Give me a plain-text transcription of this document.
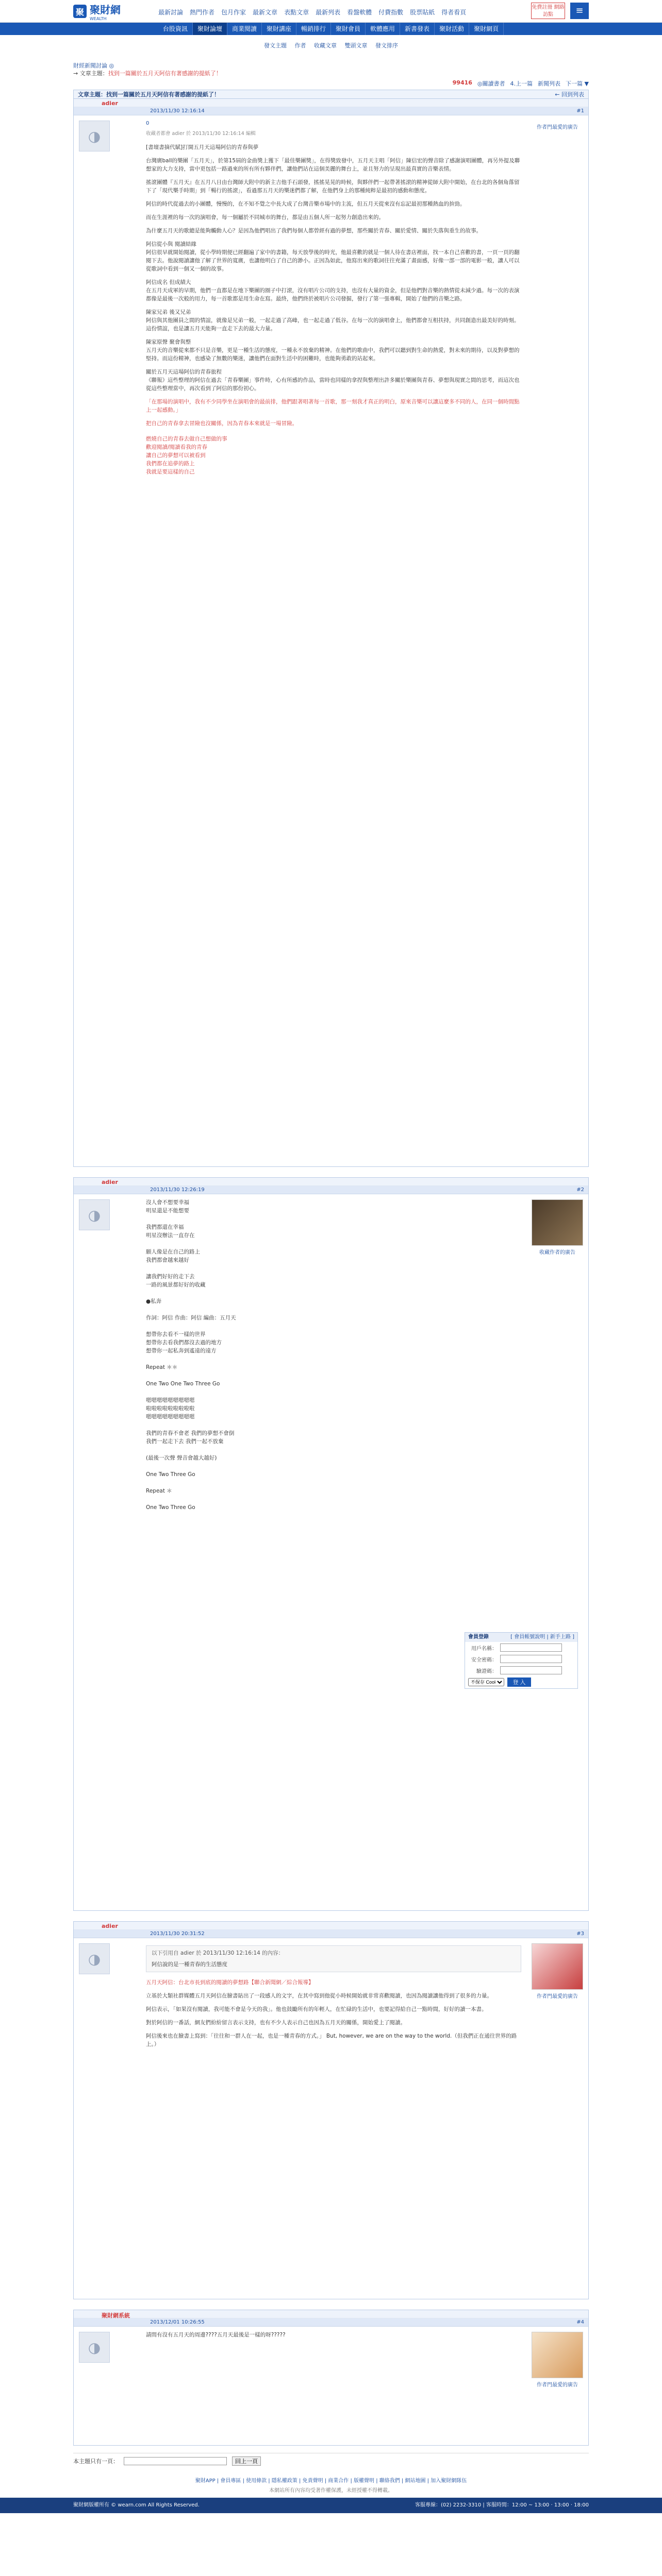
聚 聚財網
WEALTH
最新討論 熱門作者 包月作家 最新文章 表點文章 最新列表 看盤軟體 付費指數 股票貼紙 得者看頁
免費註冊 網路訪點	≡
台股資訊	聚財論壇	商業閱讀	聚財講座	暢銷排行	聚財會員	軟體應用	新書發表	聚財活動	聚財網頁
發文主題 作者 收藏文章 雙頭文章 發文排序
財經新聞討論 ◎
→ 文章主題：找到一篇關於五月天阿信有著感謝的提紙了！
99416 ◎關讀書者 4.上一篇 新聞列表 下一篇 ▼
文章主題：找到一篇關於五月天阿信有著感謝的提紙了！	← 回到列表
adier
2013/11/30 12:16:14	#1
◑
0
收藏者都會 adier 於 2013/11/30 12:16:14 編輯

[書壇書摘代賦]打開五月天這場阿信的青春與夢

台灣廣ball的樂團「五月天」，於第15屆的金曲獎上獲下「最佳樂團獎」，在得獎致發中，五月天主唱「阿信」陳信宏的聲音除了感謝演唱團體，再另外提及聯想家的大力支持，當中更包括一路過來的所有所有夥伴們，讓他們站在這個美麗的舞台上，並且努力的呈現出最真實的音樂表情。

搖滾團體『五月天』在五月八日由台灣師大附中的新主吉他手石頭發，搖搖晃晃的時候，與夥伴們一起帶著搖滾的精神從師大附中開始，在台北的各個角落留下了「現代樂手時期」到「暢行的搖滾」，看過那五月天的樂迷們都了解，在他們身上的那種純粹是最初的感動和態度。

阿信的時代從過去的小團體，慢慢的，在不知不覺之中長大成了台灣音樂市場中的主流，但五月天從來沒有忘記最初那種熱血的拚勁。

而在生涯裡的每一次的演唱會，每一個屬於不同城市的舞台，都是由五個人所一起努力創造出來的。

為什麼五月天的歌總是能夠觸動人心？是因為他們唱出了我們每個人都曾經有過的夢想，那些關於青春、關於愛情、關於失落與重生的故事。

阿信從小與 閱讀結緣

阿信很早就開始閱讀，從小學時期便已經翻遍了家中的書籍，每天放學後的時光，他最喜歡的就是一個人待在書店裡面，找一本自己喜歡的書，一頁一頁的翻閱下去。他說閱讀讓他了解了世界的寬廣，也讓他明白了自己的渺小。正因為如此，他寫出來的歌詞往往充滿了畫面感，好像一部一部的電影一般，讓人可以從歌詞中看到一個又一個的故事。

阿信成名 但成績大

在五月天成軍的早期，他們一直都是在地下樂團的圈子中打滾，沒有唱片公司的支持，也沒有大量的資金，但是他們對音樂的熱情從未減少過。每一次的表演都像是最後一次般的用力，每一首歌都是用生命在寫。最終，他們終於被唱片公司發掘，發行了第一張專輯，開始了他們的音樂之路。

陳家兄弟 後又兄弟

阿信與其他團員之間的情誼，就像是兄弟一般，一起走過了高峰，也一起走過了低谷。在每一次的演唱會上，他們都會互相扶持，共同創造出最美好的時刻。這份情誼，也是讓五月天能夠一直走下去的最大力量。

陳家原聲 聚會與整

五月天的音樂從來都不只是音樂，更是一種生活的態度，一種永不放棄的精神。在他們的歌曲中，我們可以聽到對生命的熱愛，對未來的期待，以及對夢想的堅持。而這份精神，也感染了無數的樂迷，讓他們在面對生活中的困難時，也能夠勇敢的站起來。

關於五月天這場阿信的青春旅程

《聯報》這些整理的阿信在過去「青春樂團」事件時，心有所感的作品，當時也同樣的拿捏與整理出許多關於樂團與青春、夢想與現實之間的思考，而這次也從這些整理當中，再次看到了阿信的那份初心。

「在那場的演唱中，我有不少同學坐在演唱會的最前排，他們跟著唱著每一首歌，那一刻我才真正的明白，原來音樂可以讓這麼多不同的人，在同一個時間點上一起感動。」

把自己的青春拿去冒險也沒關係，因為青春本來就是一場冒險。

燃燒自己的青春去做自己想做的事
歡迎閱讀/閱讀看我的青春
讓自己的夢想可以被看到
我們都在追夢的路上
我就是要這樣的自己
作者門最愛的廣告
adier
2013/11/30 12:26:19	#2
◑
沒人會不想要幸福
明星還是不能想要

我們都還在幸福
明星沒辦法一直存在

願人像是在自己的路上
我們都會越來越好

讓我們好好的走下去
一路的風景都好好的收藏

●私奔

作詞：阿信 作曲：阿信 編曲：五月天

想帶你去看不一樣的世界
想帶你去看我們都沒去過的地方
想帶你一起私奔到遙遠的遠方

Repeat ＊＊

One Two One Two Three Go

嗯嗯嗯嗯嗯嗯嗯嗯嗯
啦啦啦啦啦啦啦啦啦
嗯嗯嗯嗯嗯嗯嗯嗯嗯

我們的青春不會老 我們的夢想不會倒
我們一起走下去 我們一起不放棄

(最後一次聲 聲音會越大越好)

One Two Three Go

Repeat ＊

One Two Three Go
收藏作者的廣告
會員登錄	[ 會員帳號說明 | 新手上路 ]
用戶名稱：
安全密碼：
驗證碼：
不保存 Cookies
登 入
adier
2013/11/30 20:31:52	#3
◑	以下引用自 adier 於 2013/11/30 12:16:14 的內容：
阿信說的是一種青春的生活態度

五月天阿信：台北市長到底的閱讀的夢想路【聯合新聞網／綜合報導】

立基於大類社群媒體五月天阿信在臉書貼出了一段感人的文字，在其中寫到他從小時候開始就非常喜歡閱讀，也因為閱讀讓他得到了很多的力量。

阿信表示，「如果沒有閱讀，我可能不會是今天的我」。他也鼓勵所有的年輕人，在忙碌的生活中，也要記得給自己一點時間，好好的讀一本書。

對於阿信的一番話，網友們紛紛留言表示支持，也有不少人表示自己也因為五月天的關係，開始愛上了閱讀。

阿信後來也在臉書上寫到：「往往和一群人在一起，也是一種青春的方式。」 But, however, we are on the way to the world.（但我們正在通往世界的路上。）

作者門最愛的廣告
聚財網系統
2013/12/01 10:26:55	#4
◑

請問有沒有五月天的周邊????五月天最後是一樣的呀?????

作者門最愛的廣告
本主題只有一頁：	回上一頁
聚財APP | 會員專區 | 使用條款 | 隱私權政策 | 免責聲明 | 商業合作 | 版權聲明 | 聯絡我們 | 網站地圖 | 加入聚財網隊伍
本網站所有內容均受著作權保護，未經授權不得轉載。
聚財網版權所有 © wearn.com All Rights Reserved.	客服專線：(02) 2232-3310 | 客服時間：12:00 ~ 13:00 · 13:00 · 18:00
